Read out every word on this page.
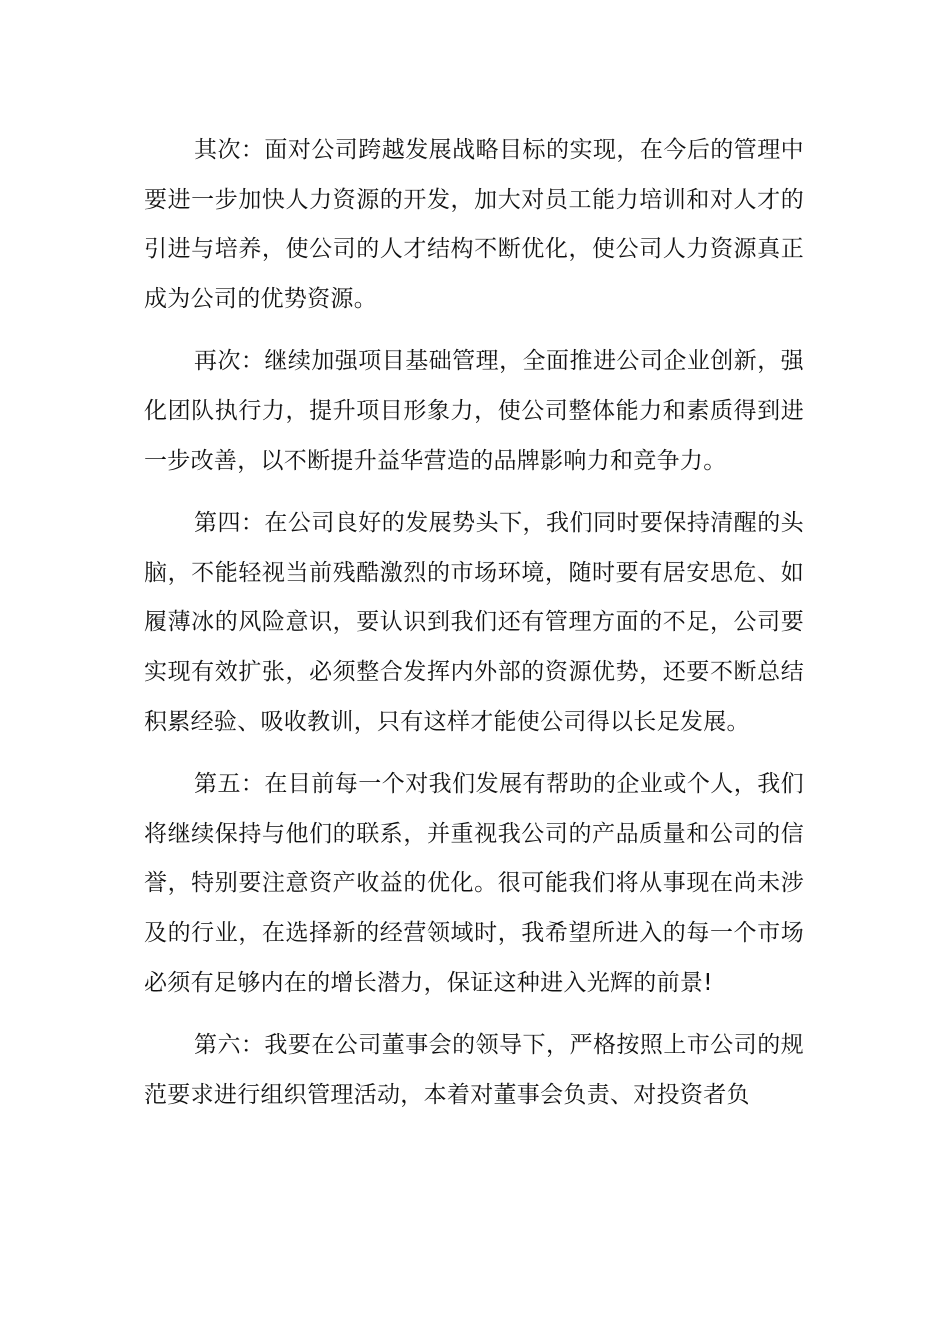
其次：面对公司跨越发展战略目标的实现，在今后的管理中要进一步加快人力资源的开发，加大对员工能力培训和对人才的引进与培养，使公司的人才结构不断优化，使公司人力资源真正成为公司的优势资源。

再次：继续加强项目基础管理，全面推进公司企业创新，强化团队执行力，提升项目形象力，使公司整体能力和素质得到进一步改善，以不断提升益华营造的品牌影响力和竞争力。

第四：在公司良好的发展势头下，我们同时要保持清醒的头脑，不能轻视当前残酷激烈的市场环境，随时要有居安思危、如履薄冰的风险意识，要认识到我们还有管理方面的不足，公司要实现有效扩张，必须整合发挥内外部的资源优势，还要不断总结积累经验、吸收教训，只有这样才能使公司得以长足发展。

第五：在目前每一个对我们发展有帮助的企业或个人，我们将继续保持与他们的联系，并重视我公司的产品质量和公司的信誉，特别要注意资产收益的优化。很可能我们将从事现在尚未涉及的行业，在选择新的经营领域时，我希望所进入的每一个市场必须有足够内在的增长潜力，保证这种进入光辉的前景!

第六：我要在公司董事会的领导下，严格按照上市公司的规范要求进行组织管理活动，本着对董事会负责、对投资者负
